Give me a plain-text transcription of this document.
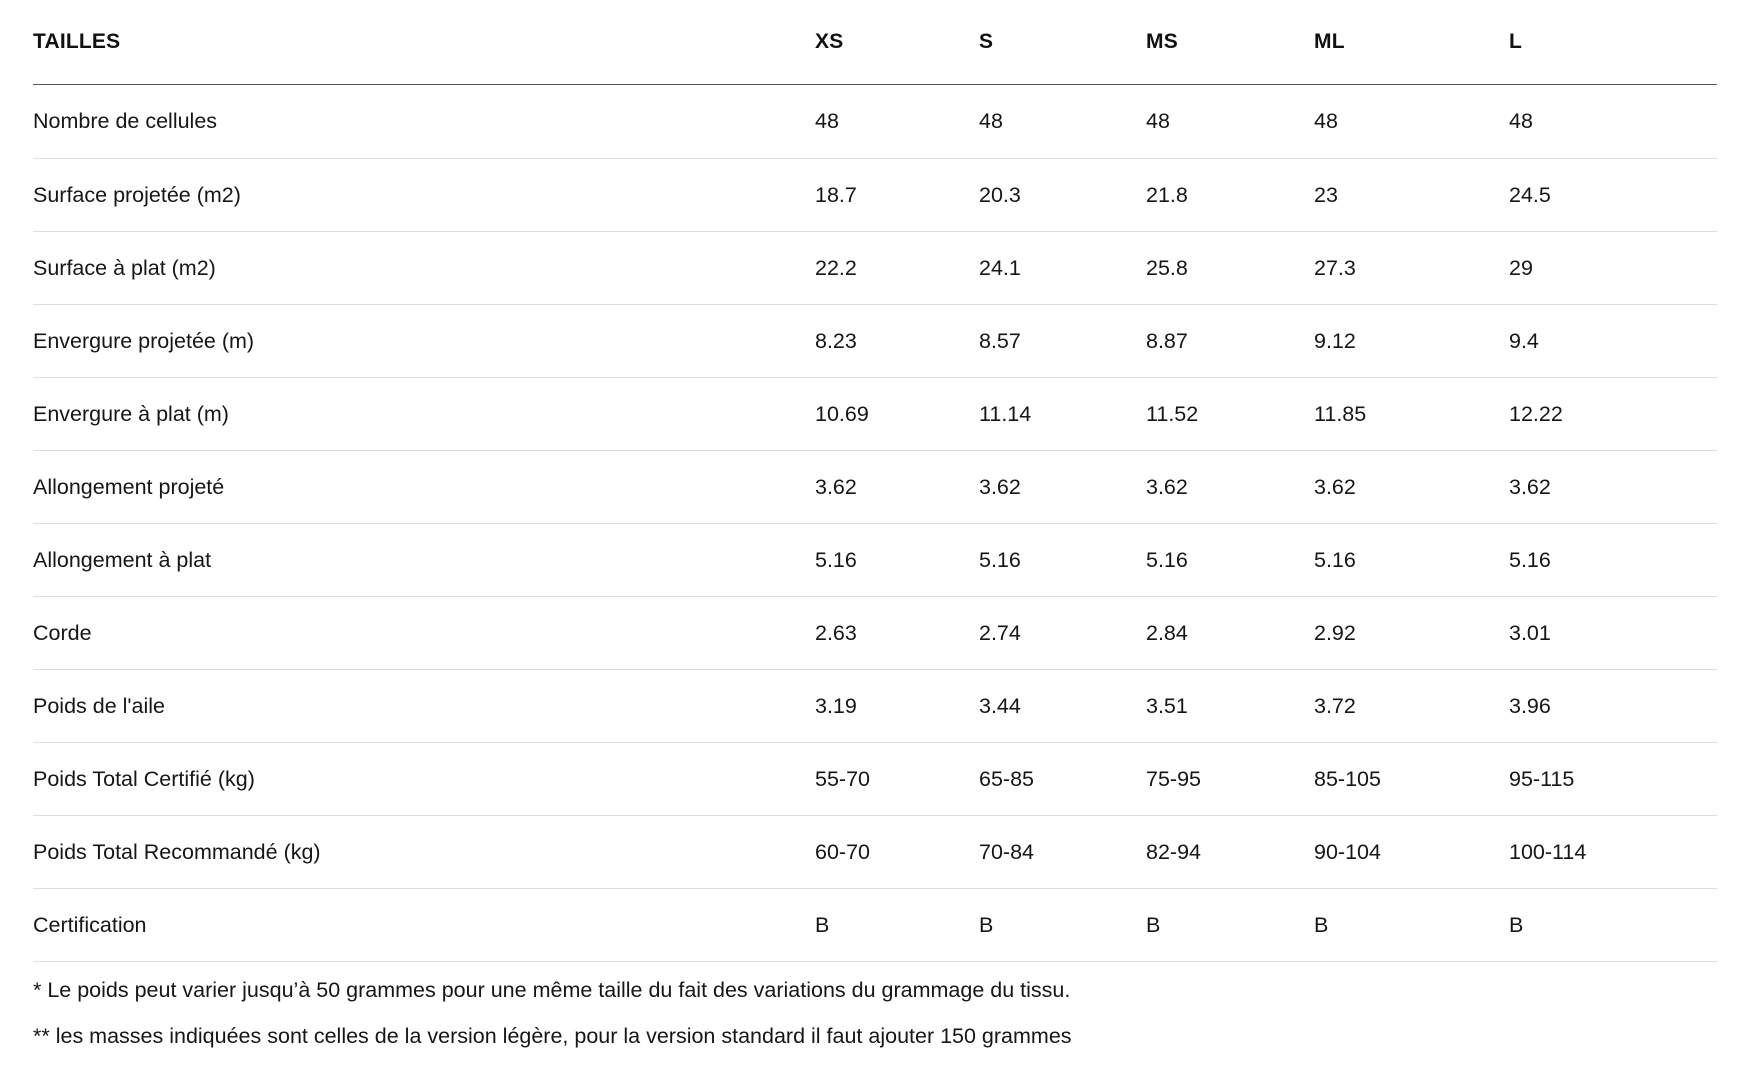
TAILLES	XS	S	MS	ML	L
Nombre de cellules	48	48	48	48	48
Surface projetée (m2)	18.7	20.3	21.8	23	24.5
Surface à plat (m2)	22.2	24.1	25.8	27.3	29
Envergure projetée (m)	8.23	8.57	8.87	9.12	9.4
Envergure à plat (m)	10.69	11.14	11.52	11.85	12.22
Allongement projeté	3.62	3.62	3.62	3.62	3.62
Allongement à plat	5.16	5.16	5.16	5.16	5.16
Corde	2.63	2.74	2.84	2.92	3.01
Poids de l'aile	3.19	3.44	3.51	3.72	3.96
Poids Total Certifié (kg)	55-70	65-85	75-95	85-105	95-115
Poids Total Recommandé (kg)	60-70	70-84	82-94	90-104	100-114
Certification	B	B	B	B	B

* Le poids peut varier jusqu’à 50 grammes pour une même taille du fait des variations du grammage du tissu.

** les masses indiquées sont celles de la version légère, pour la version standard il faut ajouter 150 grammes
